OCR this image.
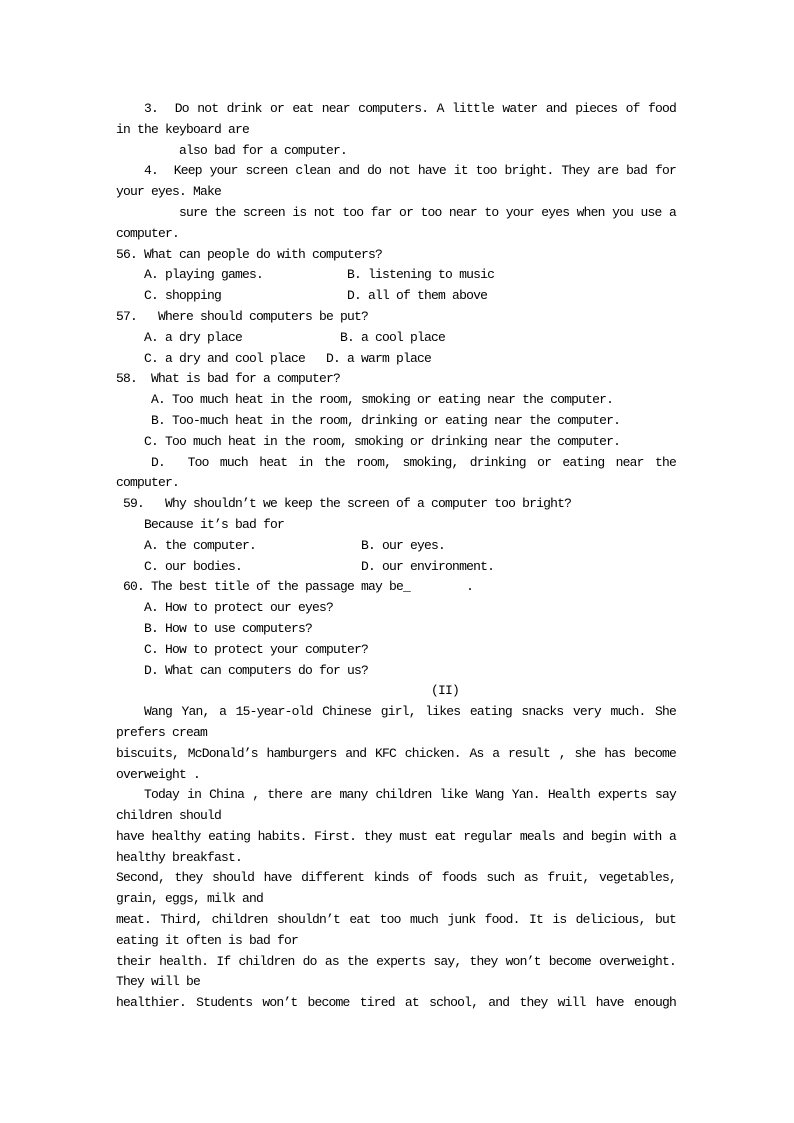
3.  Do not drink or eat near computers. A little water and pieces of food
in the keyboard are
also bad for a computer.
4.  Keep your screen clean and do not have it too bright. They are bad for
your eyes. Make
sure the screen is not too far or too near to your eyes when you use a
computer.
56. What can people do with computers?
A. playing games.            B. listening to music
C. shopping                  D. all of them above
57.   Where should computers be put?
A. a dry place              B. a cool place
C. a dry and cool place   D. a warm place
58.  What is bad for a computer?
A. Too much heat in the room, smoking or eating near the computer.
B. Too-much heat in the room, drinking or eating near the computer.
C. Too much heat in the room, smoking or drinking near the computer.
D.  Too much heat in the room, smoking, drinking or eating near the
computer.
59.   Why shouldn’t we keep the screen of a computer too bright?
Because it’s bad for
A. the computer.               B. our eyes.
C. our bodies.                 D. our environment.
60. The best title of the passage may be_        .
A. How to protect our eyes?
B. How to use computers?
C. How to protect your computer?
D. What can computers do for us?
(II)
Wang Yan, a 15-year-old Chinese girl, likes eating snacks very much. She
prefers cream
biscuits, McDonald’s hamburgers and KFC chicken. As a result , she has become
overweight .
Today in China , there are many children like Wang Yan. Health experts say
children should
have healthy eating habits. First. they must eat regular meals and begin with a
healthy breakfast.
Second, they should have different kinds of foods such as fruit, vegetables,
grain, eggs, milk and
meat. Third, children shouldn’t eat too much junk food. It is delicious, but
eating it often is bad for
their health. If children do as the experts say, they won’t become overweight.
They will be
healthier. Students won’t become tired at school, and they will have enough
